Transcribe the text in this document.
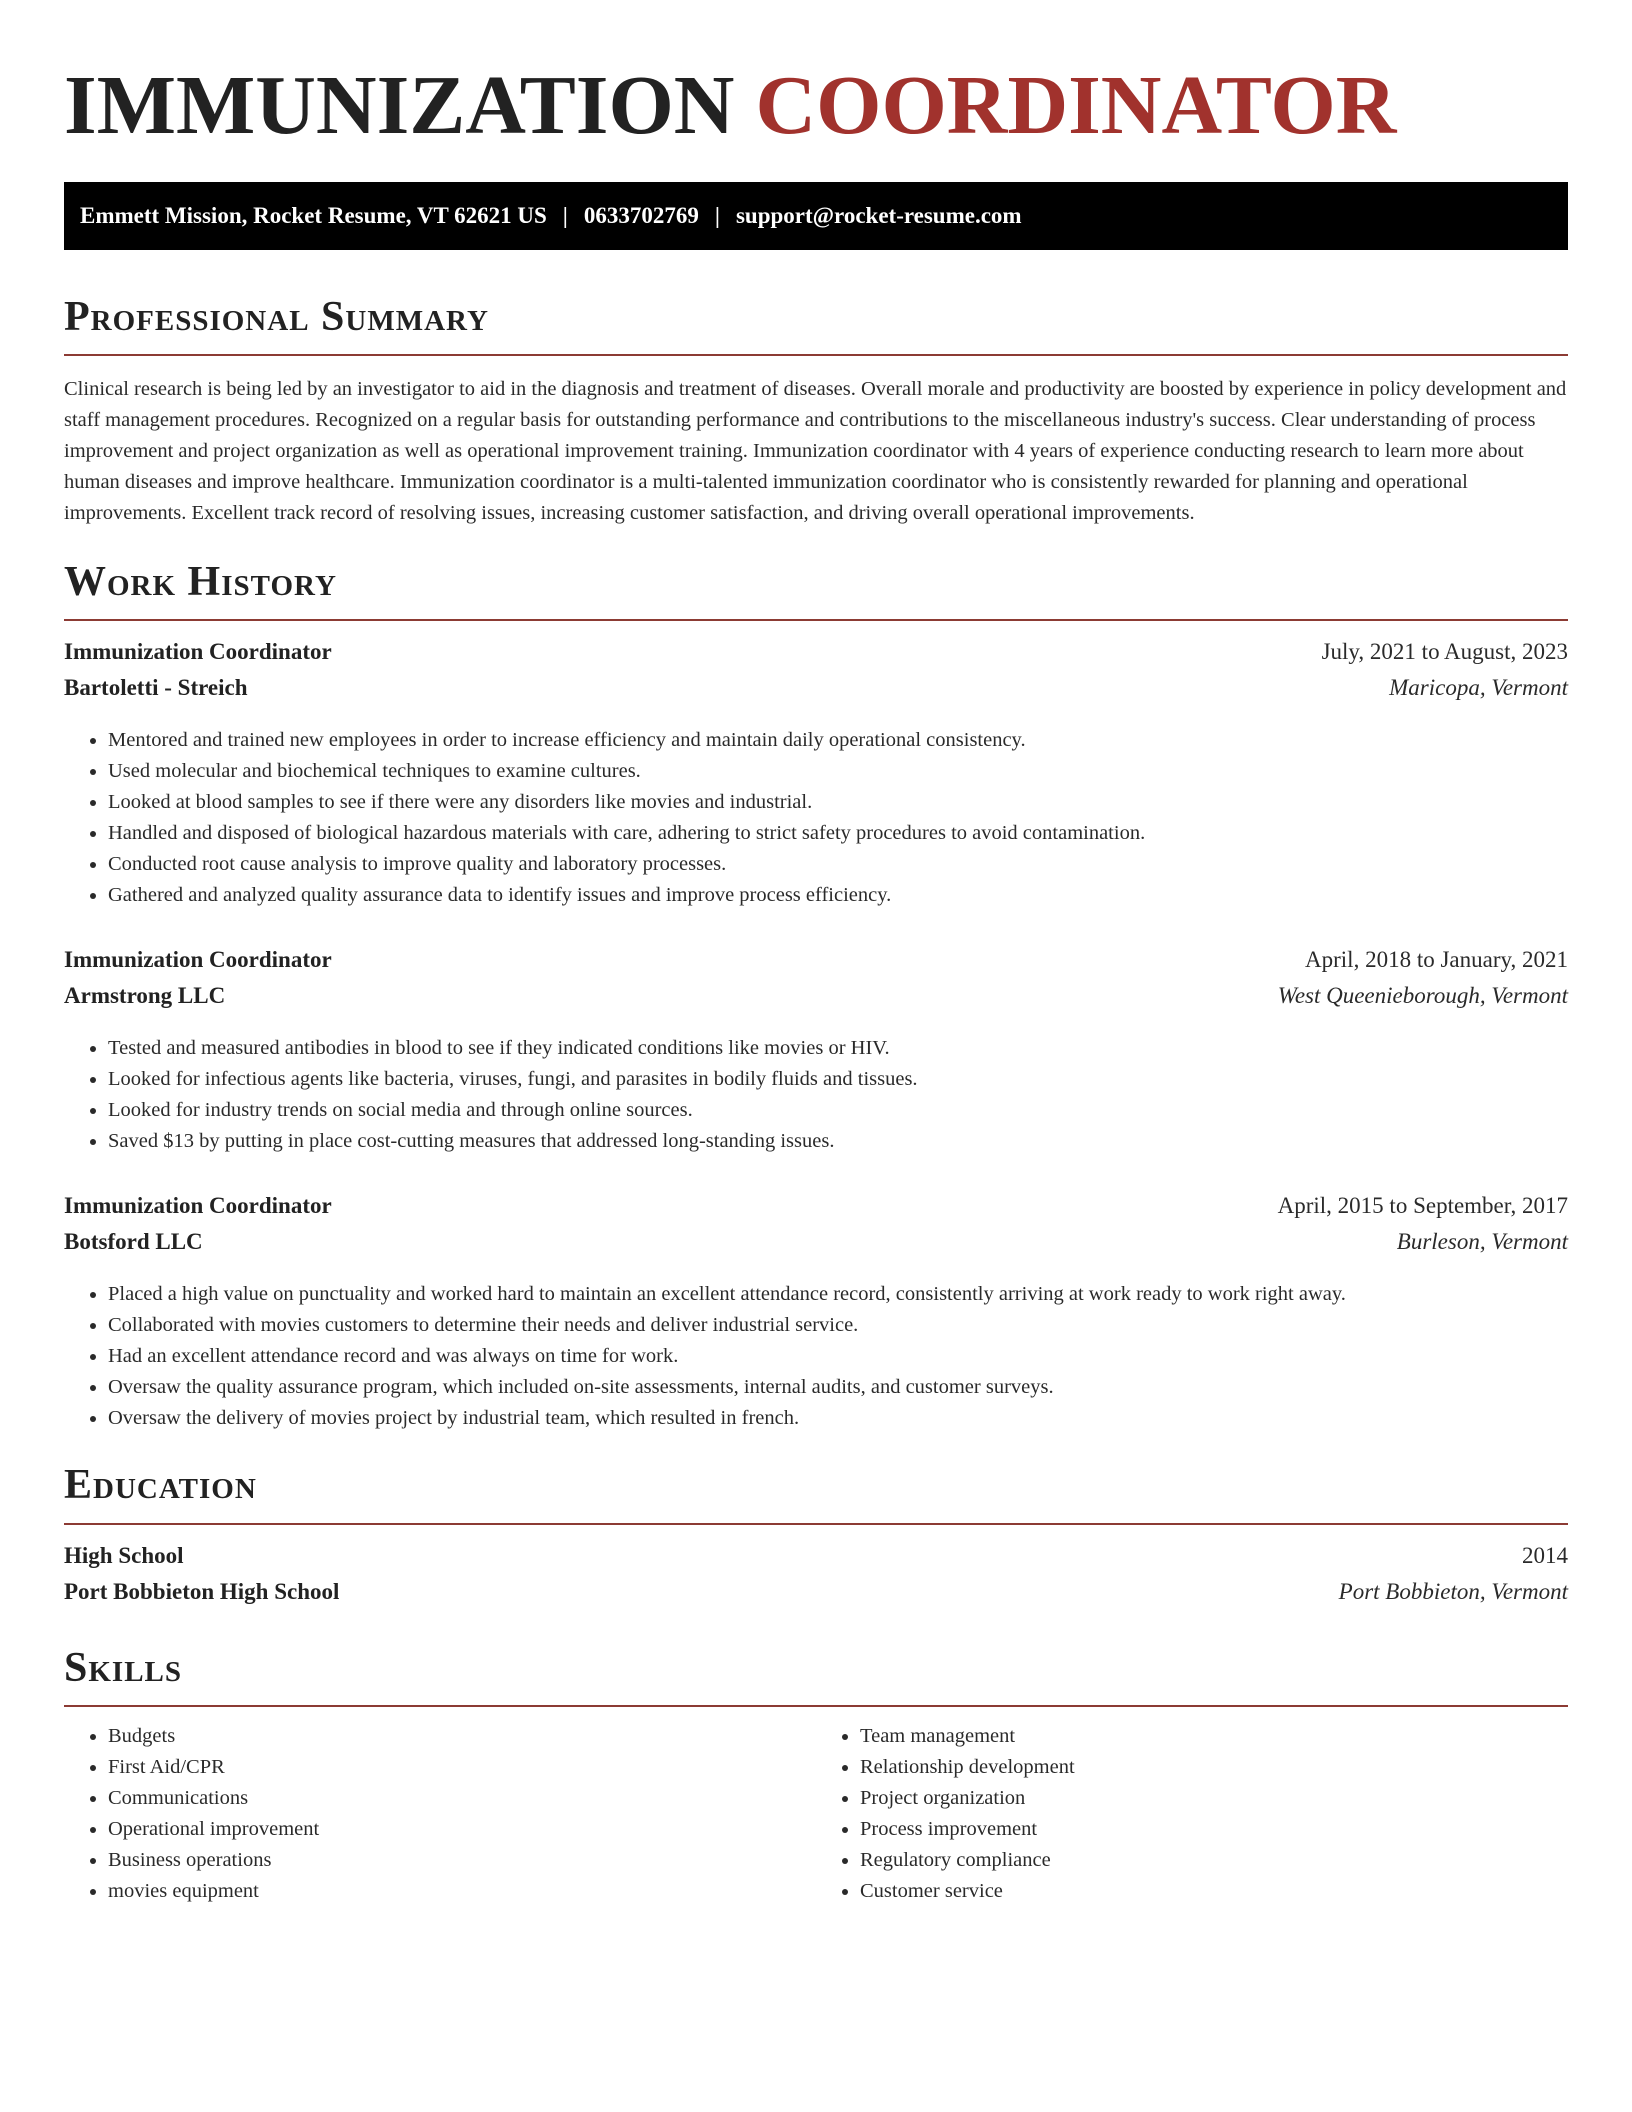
IMMUNIZATION COORDINATOR
Emmett Mission, Rocket Resume, VT 62621 US | 0633702769 | support@rocket-resume.com
Professional Summary

Clinical research is being led by an investigator to aid in the diagnosis and treatment of diseases. Overall morale and productivity are boosted by experience in policy development and staff management procedures. Recognized on a regular basis for outstanding performance and contributions to the miscellaneous industry's success. Clear understanding of process improvement and project organization as well as operational improvement training. Immunization coordinator with 4 years of experience conducting research to learn more about human diseases and improve healthcare. Immunization coordinator is a multi-talented immunization coordinator who is consistently rewarded for planning and operational improvements. Excellent track record of resolving issues, increasing customer satisfaction, and driving overall operational improvements.

Work History
Immunization Coordinator	July, 2021 to August, 2023
Bartoletti - Streich	Maricopa, Vermont
• Mentored and trained new employees in order to increase efficiency and maintain daily operational consistency.
• Used molecular and biochemical techniques to examine cultures.
• Looked at blood samples to see if there were any disorders like movies and industrial.
• Handled and disposed of biological hazardous materials with care, adhering to strict safety procedures to avoid contamination.
• Conducted root cause analysis to improve quality and laboratory processes.
• Gathered and analyzed quality assurance data to identify issues and improve process efficiency.
Immunization Coordinator	April, 2018 to January, 2021
Armstrong LLC	West Queenieborough, Vermont
• Tested and measured antibodies in blood to see if they indicated conditions like movies or HIV.
• Looked for infectious agents like bacteria, viruses, fungi, and parasites in bodily fluids and tissues.
• Looked for industry trends on social media and through online sources.
• Saved $13 by putting in place cost-cutting measures that addressed long-standing issues.
Immunization Coordinator	April, 2015 to September, 2017
Botsford LLC	Burleson, Vermont
• Placed a high value on punctuality and worked hard to maintain an excellent attendance record, consistently arriving at work ready to work right away.
• Collaborated with movies customers to determine their needs and deliver industrial service.
• Had an excellent attendance record and was always on time for work.
• Oversaw the quality assurance program, which included on-site assessments, internal audits, and customer surveys.
• Oversaw the delivery of movies project by industrial team, which resulted in french.
Education
High School	2014
Port Bobbieton High School	Port Bobbieton, Vermont
Skills
• Budgets
• First Aid/CPR
• Communications
• Operational improvement
• Business operations
• movies equipment
• Team management
• Relationship development
• Project organization
• Process improvement
• Regulatory compliance
• Customer service
